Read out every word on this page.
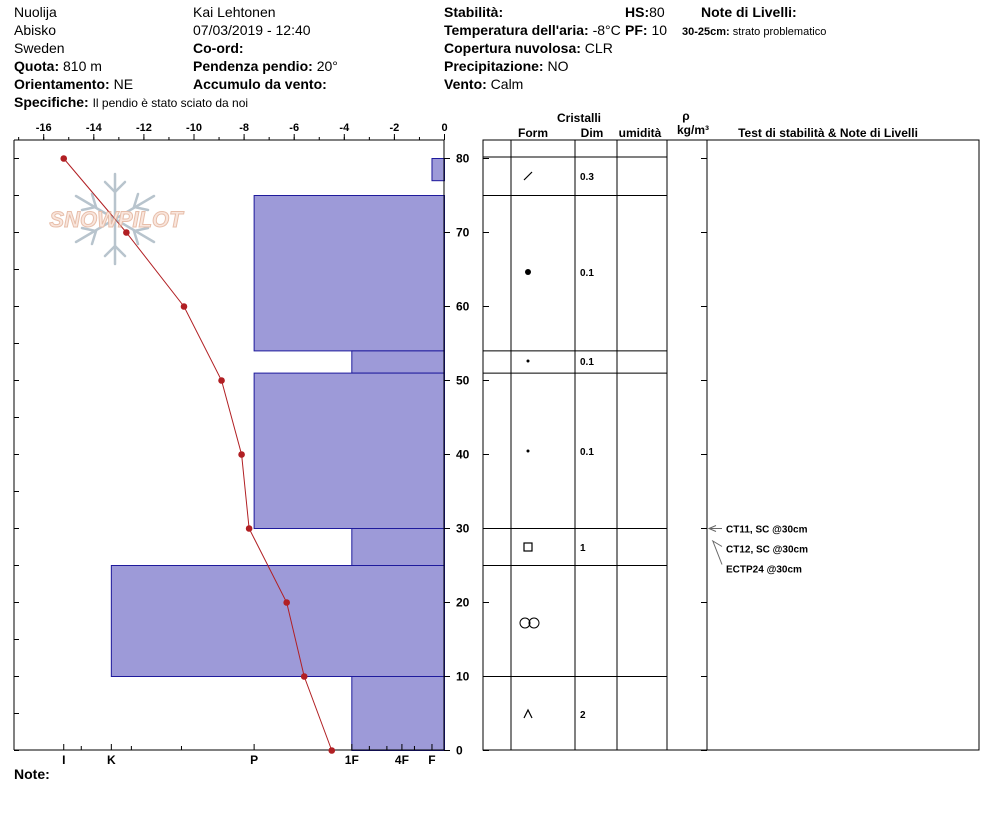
Nuolija
Abisko
Sweden
Quota: 810 m
Orientamento: NE
Specifiche: Il pendio è stato sciato da noi
Kai Lehtonen
07/03/2019 - 12:40
Co-ord:
Pendenza pendio: 20°
Accumulo da vento:
Stabilità:
Temperatura dell'aria: -8°C
Copertura nuvolosa: CLR
Precipitazione: NO
Vento: Calm
HS:80
PF: 10
Note di Livelli:
30-25cm: strato problematico
Note:
-16	-14	-12	-10	-8	-6	-4	-2	0
0
10
20
30
40
50
60
70
80
I	K	P	1F	4F F
0.3
0.1
0.1
0.1
1
2
CT11, SC @30cm
CT12, SC @30cm
ECTP24 @30cm
SNOWPILOT
Cristalli
Form	Dim umidità
ρ
kg/m³ Test di stabilità & Note di Livelli
